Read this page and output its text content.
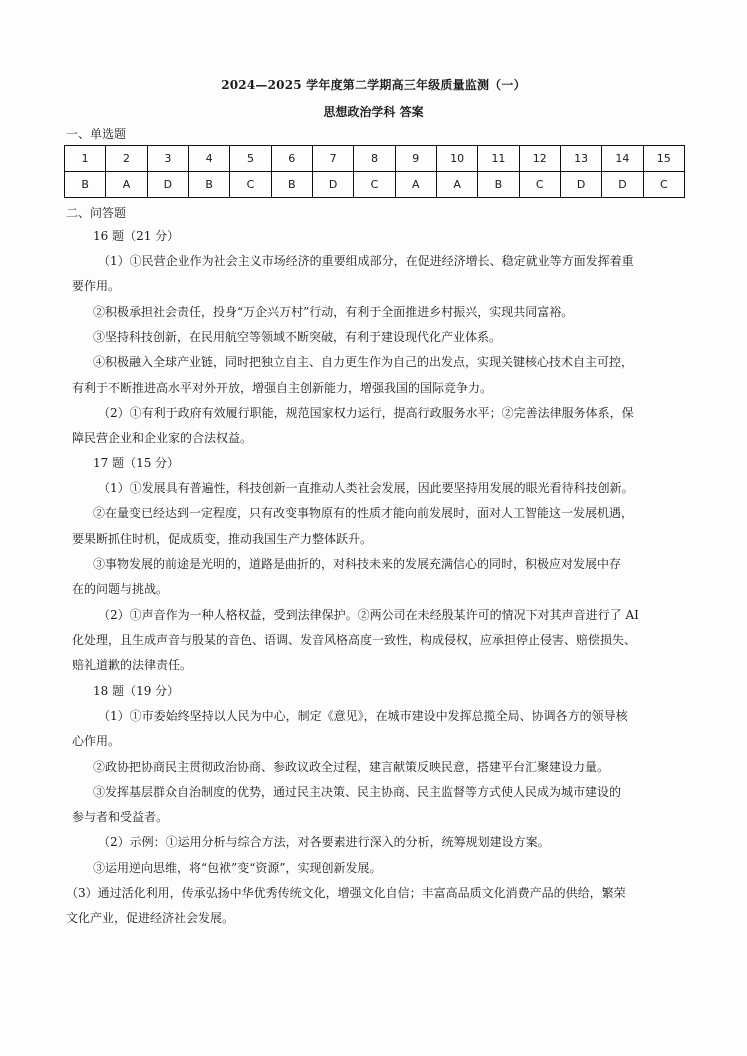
2024—2025 学年度第二学期高三年级质量监测（一）
思想政治学科 答案
一、单选题
1	2	3	4	5	6	7	8	9	10	11	12	13	14	15
B	A	D	B	C	B	D	C	A	A	B	C	D	D	C
二、问答题
16 题（21 分）
（1）①民营企业作为社会主义市场经济的重要组成部分，在促进经济增长、稳定就业等方面发挥着重
要作用。
②积极承担社会责任，投身“万企兴万村”行动，有利于全面推进乡村振兴，实现共同富裕。
③坚持科技创新，在民用航空等领域不断突破，有利于建设现代化产业体系。
④积极融入全球产业链，同时把独立自主、自力更生作为自己的出发点，实现关键核心技术自主可控，
有利于不断推进高水平对外开放，增强自主创新能力，增强我国的国际竞争力。
（2）①有利于政府有效履行职能，规范国家权力运行，提高行政服务水平；②完善法律服务体系，保
障民营企业和企业家的合法权益。
17 题（15 分）
（1）①发展具有普遍性，科技创新一直推动人类社会发展，因此要坚持用发展的眼光看待科技创新。
②在量变已经达到一定程度，只有改变事物原有的性质才能向前发展时，面对人工智能这一发展机遇，
要果断抓住时机，促成质变，推动我国生产力整体跃升。
③事物发展的前途是光明的，道路是曲折的，对科技未来的发展充满信心的同时，积极应对发展中存
在的问题与挑战。
（2）①声音作为一种人格权益，受到法律保护。②两公司在未经殷某许可的情况下对其声音进行了 AI
化处理，且生成声音与殷某的音色、语调、发音风格高度一致性，构成侵权，应承担停止侵害、赔偿损失、
赔礼道歉的法律责任。
18 题（19 分）
（1）①市委始终坚持以人民为中心，制定《意见》，在城市建设中发挥总揽全局、协调各方的领导核
心作用。
②政协把协商民主贯彻政治协商、参政议政全过程，建言献策反映民意，搭建平台汇聚建设力量。
③发挥基层群众自治制度的优势，通过民主决策、民主协商、民主监督等方式使人民成为城市建设的
参与者和受益者。
（2）示例：①运用分析与综合方法，对各要素进行深入的分析，统筹规划建设方案。
③运用逆向思维，将“包袱”变“资源”，实现创新发展。
（3）通过活化利用，传承弘扬中华优秀传统文化，增强文化自信；丰富高品质文化消费产品的供给，繁荣
文化产业，促进经济社会发展。
